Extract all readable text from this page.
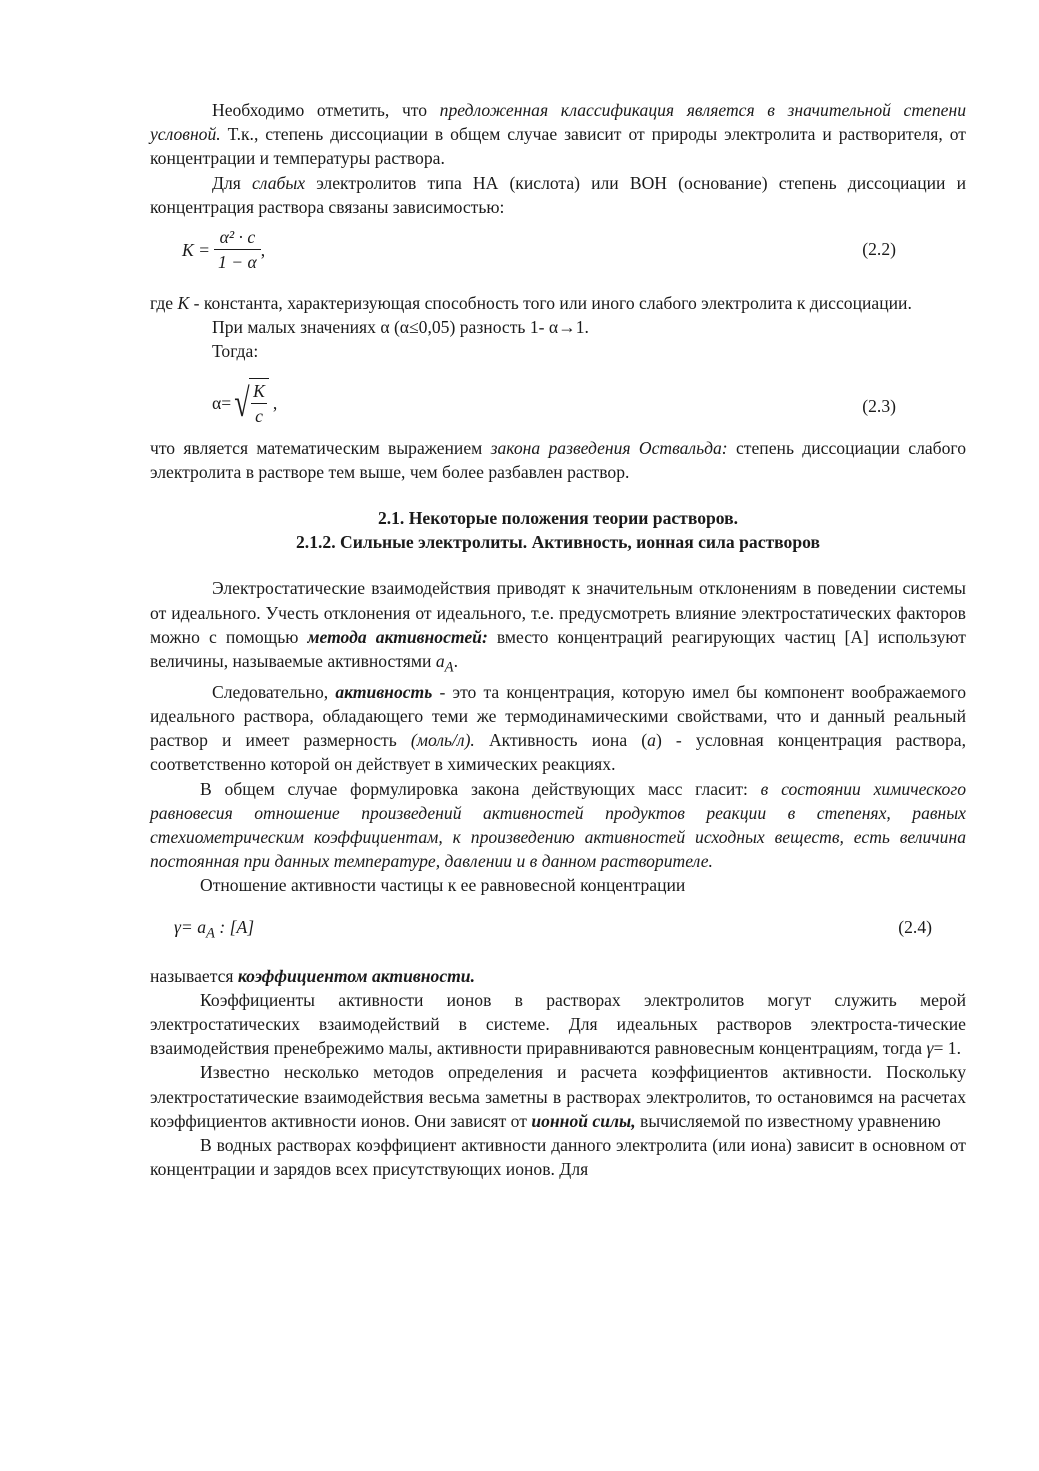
Необходимо отметить, что предложенная классификация является в значительной степени условной. Т.к., степень диссоциации в общем случае зависит от природы электролита и растворителя, от концентрации и температуры раствора.

Для слабых электролитов типа НА (кислота) или ВОН (основание) степень диссоциации и концентрация раствора связаны зависимостью:

$K = \frac{\text{α² · c}}{1 - \alpha}$ ,	(2.2)

где K - константа, характеризующая способность того или иного слабого электролита к диссоциации.

При малых значениях α (α≤0,05) разность 1- α→1.

Тогда:

α= √ $\frac{K}{c}$ ,	(2.3)

что является математическим выражением закона разведения Оствальда: степень диссоциации слабого электролита в растворе тем выше, чем более разбавлен раствор.

2.1. Некоторые положения теории растворов.

2.1.2. Сильные электролиты. Активность, ионная сила растворов

Электростатические взаимодействия приводят к значительным отклонениям в поведении системы от идеального. Учесть отклонения от идеального, т.е. предусмотреть влияние электростатических факторов можно с помощью метода активностей: вместо концентраций реагирующих частиц [А] используют величины, называемые активностями $a_A$.

Следовательно, активность - это та концентрация, которую имел бы компонент воображаемого идеального раствора, обладающего теми же термодинамическими свойствами, что и данный реальный раствор и имеет размерность (моль/л). Активность иона (а) - условная концентрация раствора, соответственно которой он действует в химических реакциях.

В общем случае формулировка закона действующих масс гласит: в состоянии химического равновесия отношение произведений активностей продуктов реакции в степенях, равных стехиометрическим коэффициентам, к произведению активностей исходных веществ, есть величина постоянная при данных температуре, давлении и в данном растворителе.

Отношение активности частицы к ее равновесной концентрации

$\gamma= a_A$ : [A]	(2.4)

называется коэффициентом активности.

Коэффициенты активности ионов в растворах электролитов могут служить мерой электростатических взаимодействий в системе. Для идеальных растворов электроста-тические взаимодействия пренебрежимо малы, активности приравниваются равновесным концентрациям, тогда γ= 1.

Известно несколько методов определения и расчета коэффициентов активности. Поскольку электростатические взаимодействия весьма заметны в растворах электролитов, то остановимся на расчетах коэффициентов активности ионов. Они зависят от ионной силы, вычисляемой по известному уравнению

В водных растворах коэффициент активности данного электролита (или иона) зависит в основном от концентрации и зарядов всех присутствующих ионов. Для
